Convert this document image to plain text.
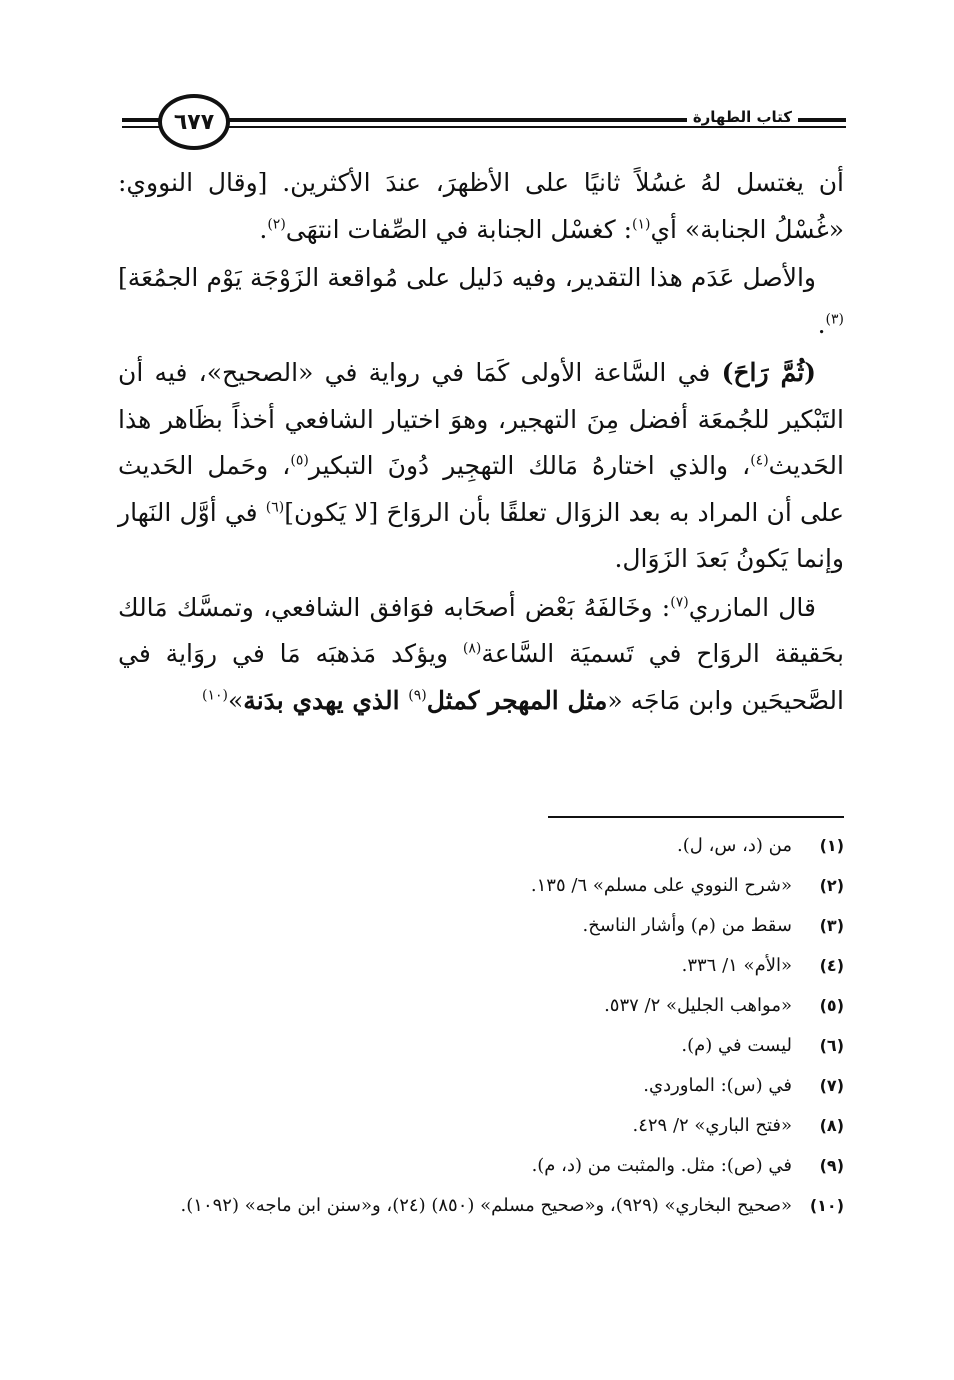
٦٧٧	كتاب الطهارة

أن يغتسل لهُ غسُلاً ثانيًا على الأظهرَ، عندَ الأكثرين. [وقال النووي: «غُسْلُ الجنابة» أي$^{(١)}$: كغسْل الجنابة في الصِّفات انتهَى$^{(٢)}$.

والأصل عَدَم هذا التقدير، وفيه دَليل على مُواقعة الزَوْجَة يَوْم الجمُعَة]$^{(٣)}$.

(ثُمَّ رَاحَ) في السَّاعة الأولى كَمَا في رواية في «الصحيح»، فيه أن التَبْكير للجُمعَة أفضل مِنَ التهجير، وهوَ اختيار الشافعي أخذاً بظَاهر هذا الحَديث$^{(٤)}$، والذي اختارهُ مَالك التهجِير دُونَ التبكير$^{(٥)}$، وحَمل الحَديث على أن المراد به بعد الزوَال تعلقًا بأن الروَاحَ [لا يَكون]$^{(٦)}$ في أوَّل النَهار وإنما يَكونُ بَعدَ الزَوَال.

قال المازري$^{(٧)}$: وخَالفَهُ بَعْض أصحَابه فوَافق الشافعي، وتمسَّك مَالك بحَقيقة الروَاح في تَسميَة السَّاعة$^{(٨)}$ ويؤكد مَذهبَه مَا في روَاية في الصَّحيحَين وابن مَاجَه «مثل المهجر كمثل$^{(٩)}$ الذي يهدي بدَنة»$^{(١٠)}$

(١)
من (د، س، ل).
(٢)
«شرح النووي على مسلم» ٦/ ١٣٥.
(٣)
سقط من (م) وأشار الناسخ.
(٤)
«الأم» ١/ ٣٣٦.
(٥)
«مواهب الجليل» ٢/ ٥٣٧.
(٦)
ليست في (م).
(٧)
في (س): الماوردي.
(٨)
«فتح الباري» ٢/ ٤٢٩.
(٩)
في (ص): مثل. والمثبت من (د، م).
(١٠)
«صحيح البخاري» (٩٢٩)، و«صحيح مسلم» (٨٥٠) (٢٤)، و«سنن ابن ماجه» (١٠٩٢).
